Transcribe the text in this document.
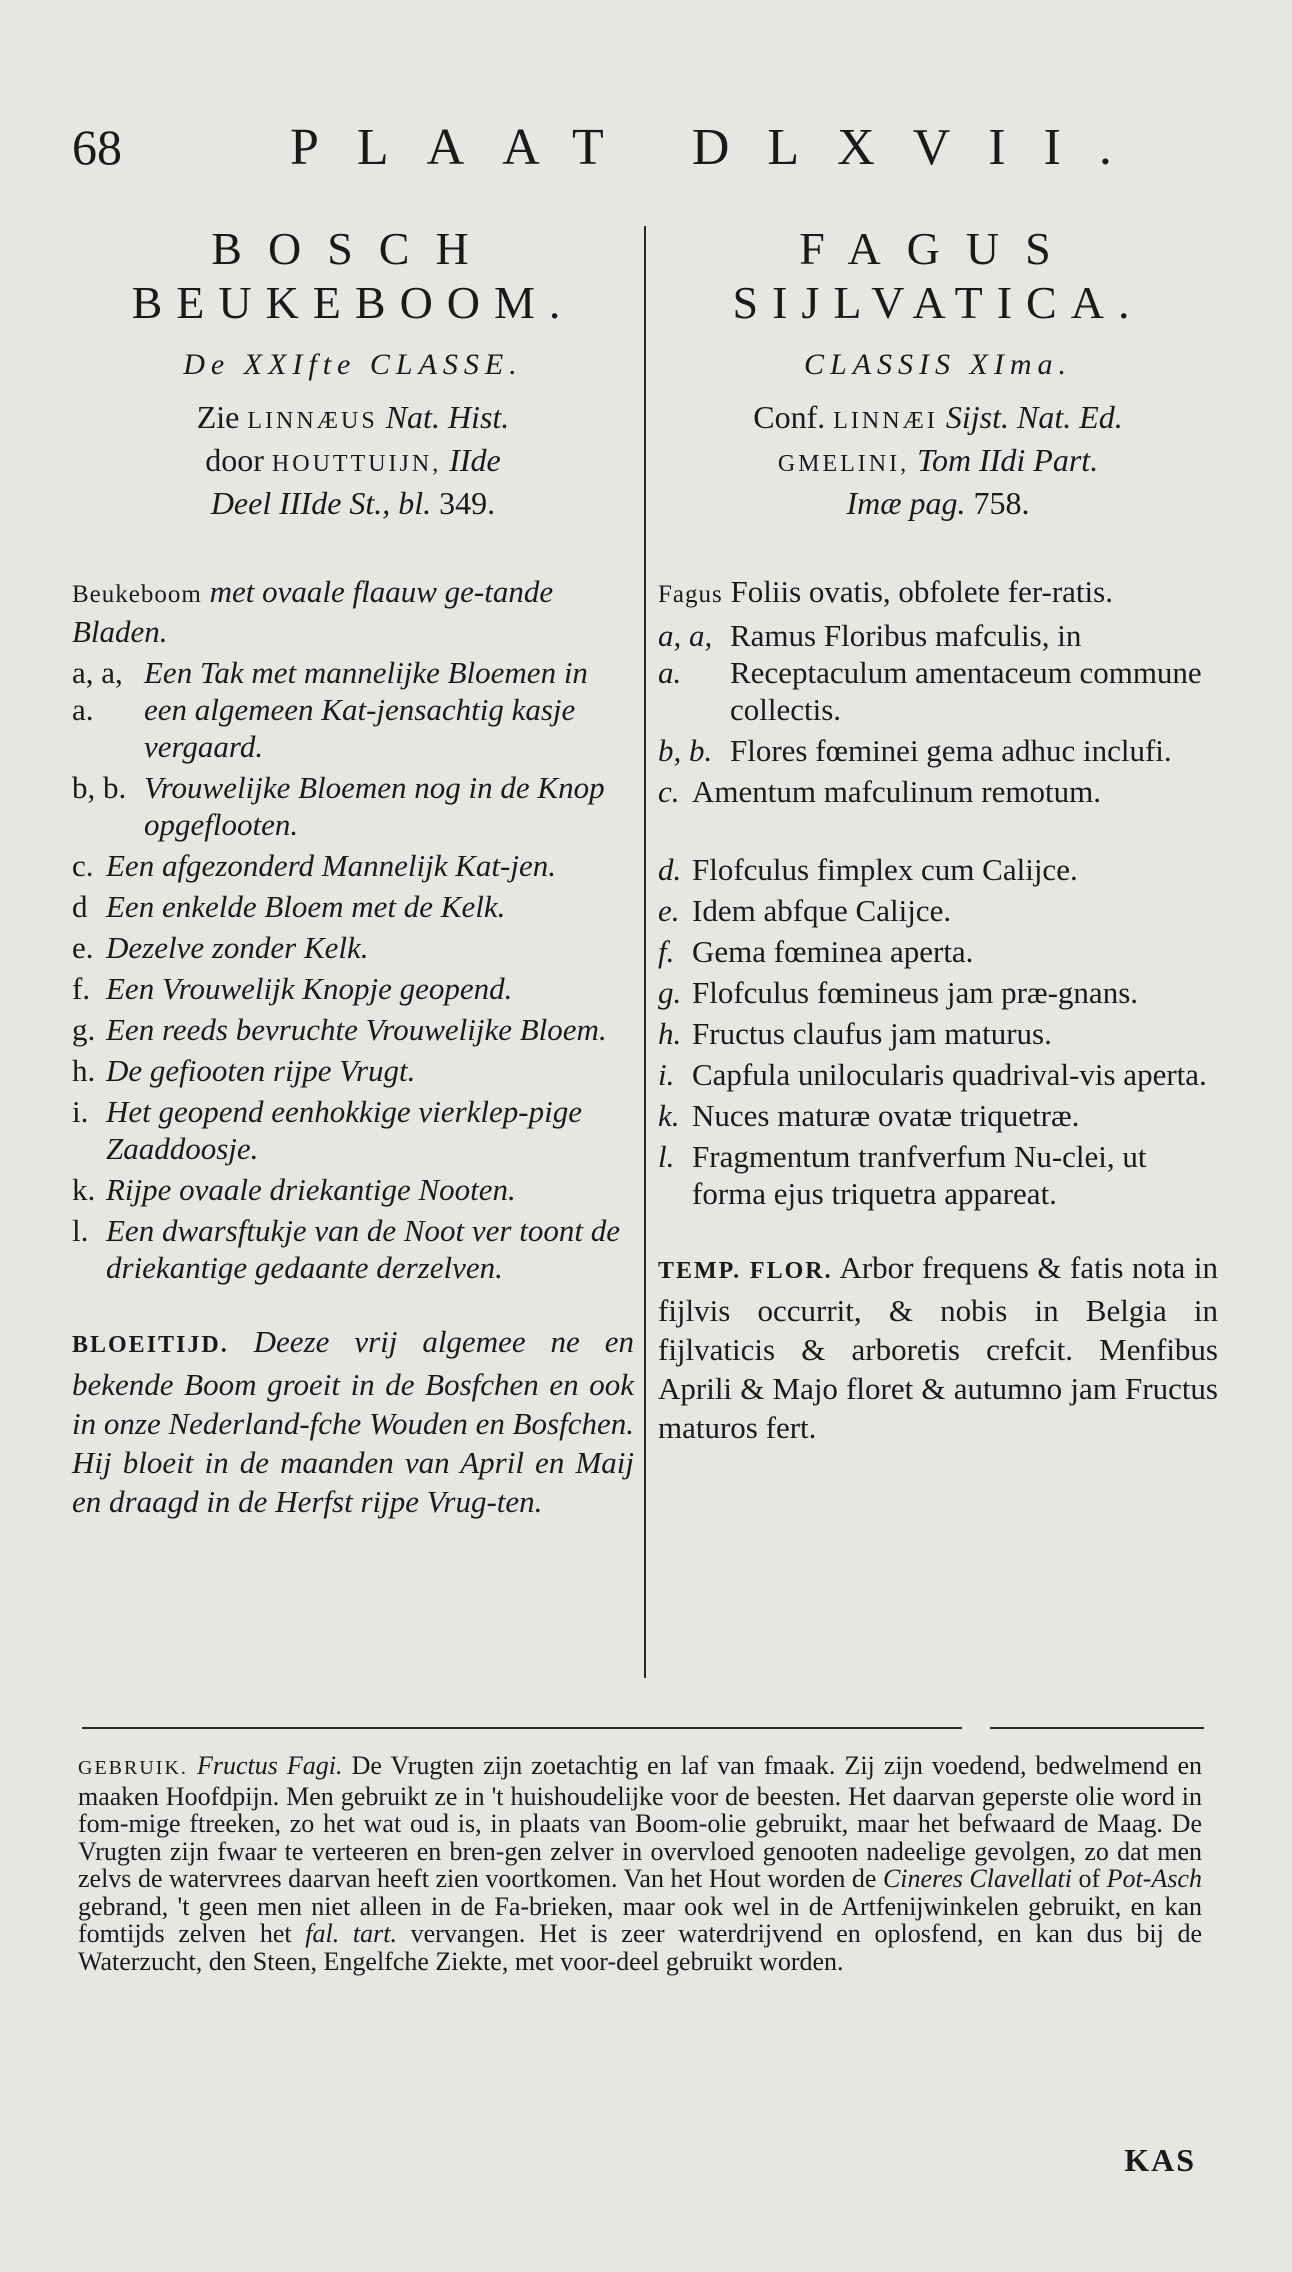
68	PLAAT DLXVII.
BOSCH
BEUKEBOOM.
De XXIfte CLASSE.
Zie LINNÆUS Nat. Hist.
door HOUTTUIJN, IIde
Deel IIIde St., bl. 349.
Beukeboom met ovaale flaauw ge-tande Bladen.
a, a, a.
Een Tak met mannelijke Bloemen in een algemeen Kat-jensachtig kasje vergaard.
b, b. Vrouwelijke Bloemen nog in de Knop opgeflooten.
c. Een afgezonderd Mannelijk Kat-jen.
d Een enkelde Bloem met de Kelk.
e. Dezelve zonder Kelk.
f. Een Vrouwelijk Knopje geopend.
g. Een reeds bevruchte Vrouwelijke Bloem.
h. De gefiooten rijpe Vrugt.
i. Het geopend eenhokkige vierklep-pige Zaaddoosje.
k. Rijpe ovaale driekantige Nooten.
l. Een dwarsftukje van de Noot ver toont de driekantige gedaante derzelven.
BLOEITIJD. Deeze vrij algemee ne en bekende Boom groeit in de Bosfchen en ook in onze Nederland-fche Wouden en Bosfchen. Hij bloeit in de maanden van April en Maij en draagd in de Herfst rijpe Vrug-ten.
FAGUS
SIJLVATICA.
CLASSIS XIma.
Conf. LINNÆI Sijst. Nat. Ed.
GMELINI, Tom IIdi Part.
Imæ pag. 758.
Fagus Foliis ovatis, obfolete fer-ratis.
a, a, a.
Ramus Floribus mafculis, in Receptaculum amentaceum commune collectis.
b, b. Flores fœminei gema adhuc inclufi.
c. Amentum mafculinum remotum.
d. Flofculus fimplex cum Calijce.
e. Idem abfque Calijce.
f. Gema fœminea aperta.
g. Flofculus fœmineus jam præ-gnans.
h. Fructus claufus jam maturus.
i. Capfula unilocularis quadrival-vis aperta.
k. Nuces maturæ ovatæ triquetræ.
l. Fragmentum tranfverfum Nu-clei, ut forma ejus triquetra appareat.
TEMP. FLOR. Arbor frequens & fatis nota in fijlvis occurrit, & nobis in Belgia in fijlvaticis & arboretis crefcit. Menfibus Aprili & Majo floret & autumno jam Fructus maturos fert.
GEBRUIK. Fructus Fagi. De Vrugten zijn zoetachtig en laf van fmaak. Zij zijn voedend, bedwelmend en maaken Hoofdpijn. Men gebruikt ze in 't huishoudelijke voor de beesten. Het daarvan geperste olie word in fom-mige ftreeken, zo het wat oud is, in plaats van Boom-olie gebruikt, maar het befwaard de Maag. De Vrugten zijn fwaar te verteeren en bren-gen zelver in overvloed genooten nadeelige gevolgen, zo dat men zelvs de watervrees daarvan heeft zien voortkomen. Van het Hout worden de Cineres Clavellati of Pot-Asch gebrand, 't geen men niet alleen in de Fa-brieken, maar ook wel in de Artfenijwinkelen gebruikt, en kan fomtijds zelven het fal. tart. vervangen. Het is zeer waterdrijvend en oplosfend, en kan dus bij de Waterzucht, den Steen, Engelfche Ziekte, met voor-deel gebruikt worden.
KAS
